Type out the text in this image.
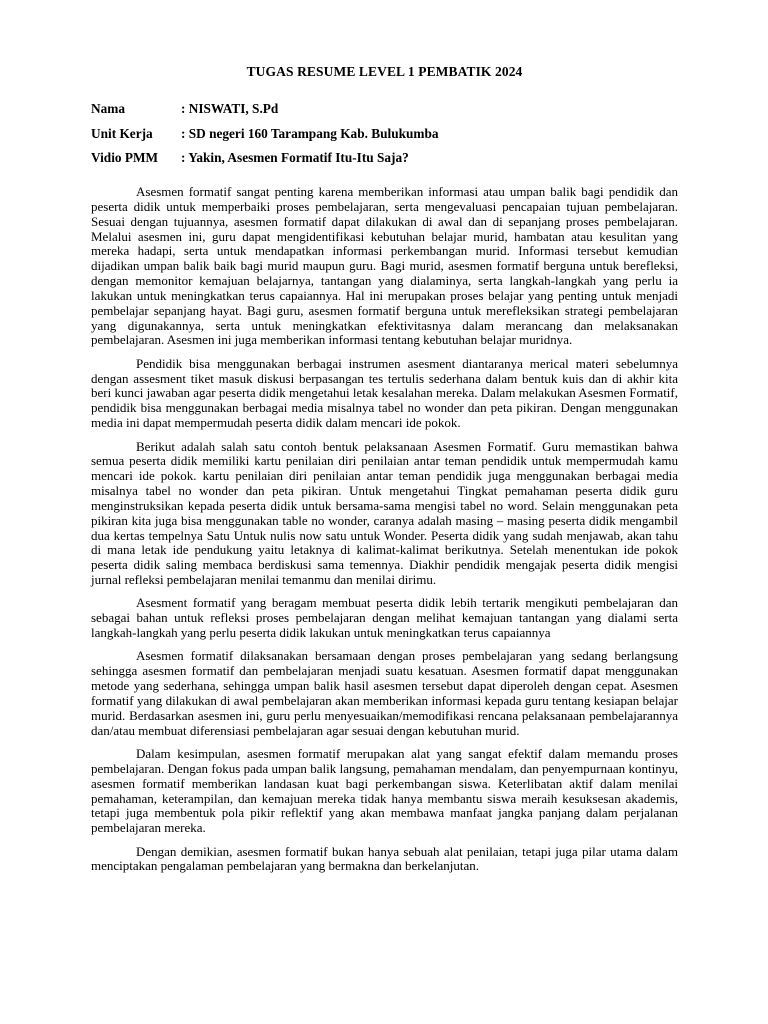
TUGAS RESUME LEVEL 1 PEMBATIK 2024
Nama	: NISWATI, S.Pd
Unit Kerja : SD negeri 160 Tarampang Kab. Bulukumba
Vidio PMM : Yakin, Asesmen Formatif Itu-Itu Saja?

Asesmen formatif sangat penting karena memberikan informasi atau umpan balik bagi pendidik dan peserta didik untuk memperbaiki proses pembelajaran, serta mengevaluasi pencapaian tujuan pembelajaran. Sesuai dengan tujuannya, asesmen formatif dapat dilakukan di awal dan di sepanjang proses pembelajaran. Melalui asesmen ini, guru dapat mengidentifikasi kebutuhan belajar murid, hambatan atau kesulitan yang mereka hadapi, serta untuk mendapatkan informasi perkembangan murid. Informasi tersebut kemudian dijadikan umpan balik baik bagi murid maupun guru. Bagi murid, asesmen formatif berguna untuk berefleksi, dengan memonitor kemajuan belajarnya, tantangan yang dialaminya, serta langkah-langkah yang perlu ia lakukan untuk meningkatkan terus capaiannya. Hal ini merupakan proses belajar yang penting untuk menjadi pembelajar sepanjang hayat. Bagi guru, asesmen formatif berguna untuk merefleksikan strategi pembelajaran yang digunakannya, serta untuk meningkatkan efektivitasnya dalam merancang dan melaksanakan pembelajaran. Asesmen ini juga memberikan informasi tentang kebutuhan belajar muridnya.

Pendidik bisa menggunakan berbagai instrumen asesment diantaranya merical materi sebelumnya dengan assesment tiket masuk diskusi berpasangan tes tertulis sederhana dalam bentuk kuis dan di akhir kita beri kunci jawaban agar peserta didik mengetahui letak kesalahan mereka. Dalam melakukan Asesmen Formatif, pendidik bisa menggunakan berbagai media misalnya tabel no wonder dan peta pikiran. Dengan menggunakan media ini dapat mempermudah peserta didik dalam mencari ide pokok.

Berikut adalah salah satu contoh bentuk pelaksanaan Asesmen Formatif. Guru memastikan bahwa semua peserta didik memiliki kartu penilaian diri penilaian antar teman pendidik untuk mempermudah kamu mencari ide pokok. kartu penilaian diri penilaian antar teman pendidik juga menggunakan berbagai media misalnya tabel no wonder dan peta pikiran. Untuk mengetahui Tingkat pemahaman peserta didik guru menginstruksikan kepada peserta didik untuk bersama-sama mengisi tabel no word. Selain menggunakan peta pikiran kita juga bisa menggunakan table no wonder, caranya adalah masing – masing peserta didik mengambil dua kertas tempelnya Satu Untuk nulis now satu untuk Wonder. Peserta didik yang sudah menjawab, akan tahu di mana letak ide pendukung yaitu letaknya di kalimat-kalimat berikutnya. Setelah menentukan ide pokok peserta didik saling membaca berdiskusi sama temennya. Diakhir pendidik mengajak peserta didik mengisi jurnal refleksi pembelajaran menilai temanmu dan menilai dirimu.

Asesment formatif yang beragam membuat peserta didik lebih tertarik mengikuti pembelajaran dan sebagai bahan untuk refleksi proses pembelajaran dengan melihat kemajuan tantangan yang dialami serta langkah-langkah yang perlu peserta didik lakukan untuk meningkatkan terus capaiannya

Asesmen formatif dilaksanakan bersamaan dengan proses pembelajaran yang sedang berlangsung sehingga asesmen formatif dan pembelajaran menjadi suatu kesatuan. Asesmen formatif dapat menggunakan metode yang sederhana, sehingga umpan balik hasil asesmen tersebut dapat diperoleh dengan cepat. Asesmen formatif yang dilakukan di awal pembelajaran akan memberikan informasi kepada guru tentang kesiapan belajar murid. Berdasarkan asesmen ini, guru perlu menyesuaikan/memodifikasi rencana pelaksanaan pembelajarannya dan/atau membuat diferensiasi pembelajaran agar sesuai dengan kebutuhan murid.

Dalam kesimpulan, asesmen formatif merupakan alat yang sangat efektif dalam memandu proses pembelajaran. Dengan fokus pada umpan balik langsung, pemahaman mendalam, dan penyempurnaan kontinyu, asesmen formatif memberikan landasan kuat bagi perkembangan siswa. Keterlibatan aktif dalam menilai pemahaman, keterampilan, dan kemajuan mereka tidak hanya membantu siswa meraih kesuksesan akademis, tetapi juga membentuk pola pikir reflektif yang akan membawa manfaat jangka panjang dalam perjalanan pembelajaran mereka.

Dengan demikian, asesmen formatif bukan hanya sebuah alat penilaian, tetapi juga pilar utama dalam menciptakan pengalaman pembelajaran yang bermakna dan berkelanjutan.
